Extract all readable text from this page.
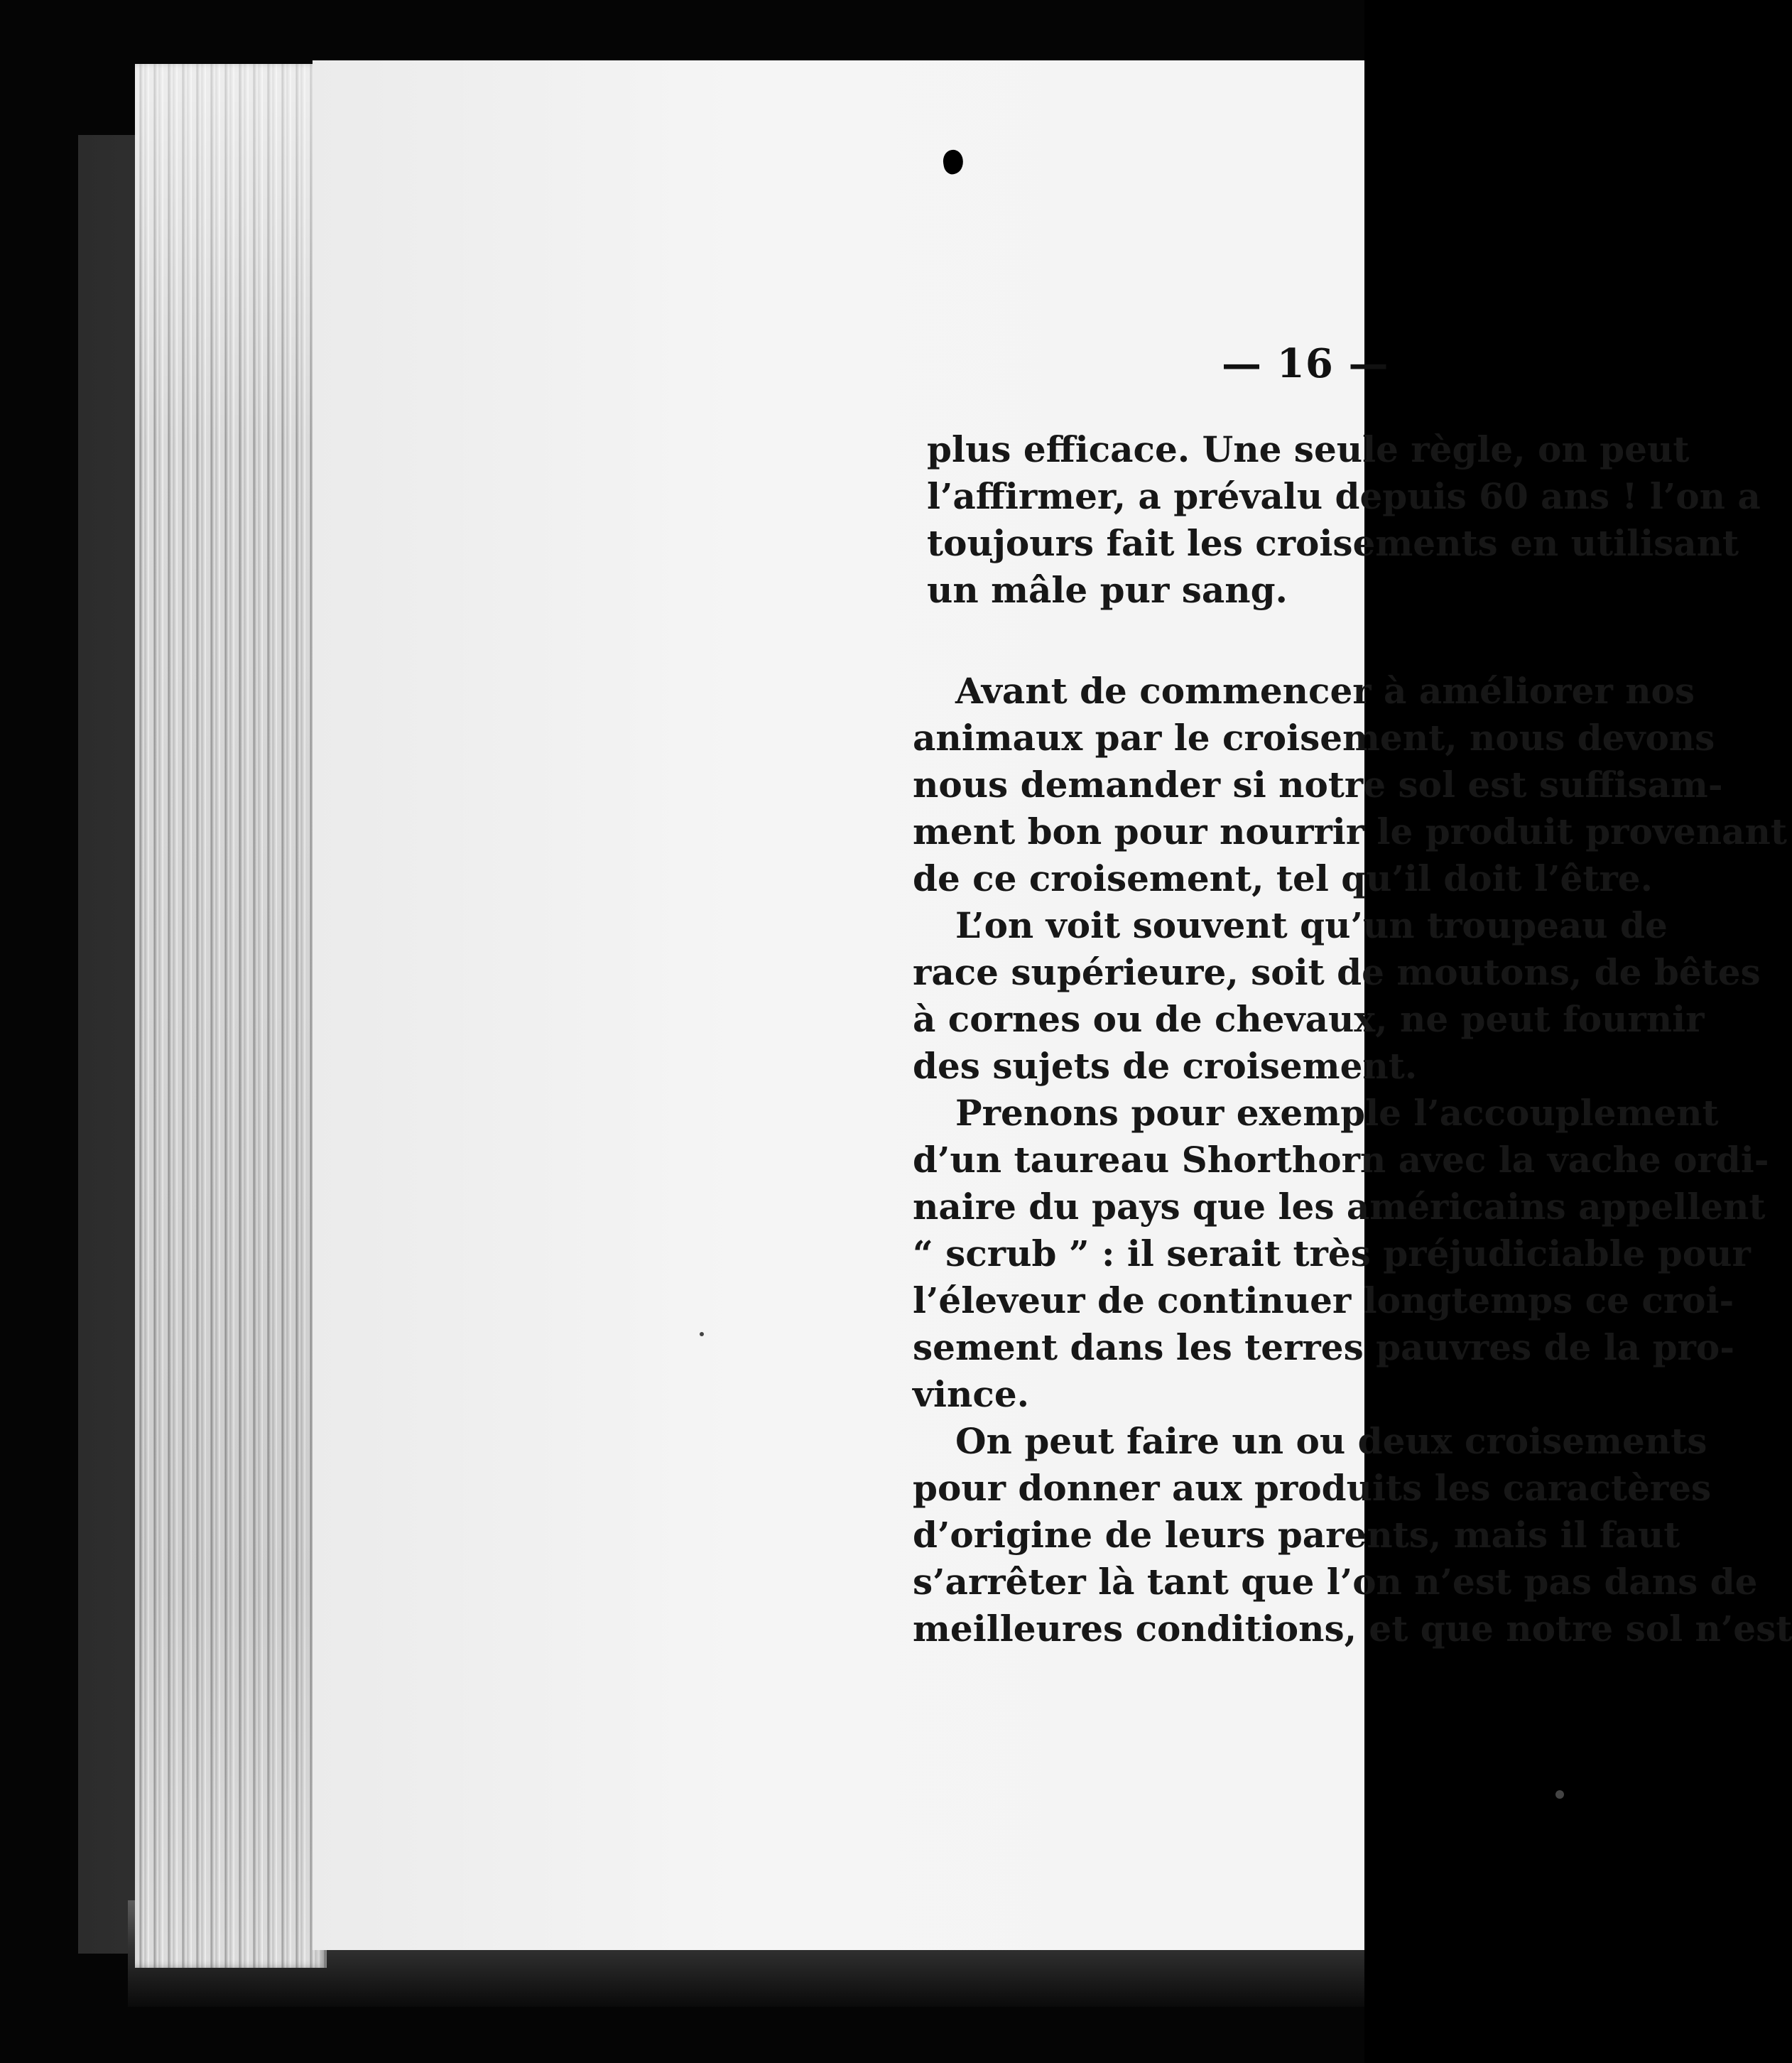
— 16 —
plus efficace. Une seule règle, on peut
l’affirmer, a prévalu depuis 60 ans ! l’on a
toujours fait les croisements en utilisant
un mâle pur sang.
Avant de commencer à améliorer nos
animaux par le croisement, nous devons
nous demander si notre sol est suffisam-
ment bon pour nourrir le produit provenant
de ce croisement, tel qu’il doit l’être.
L’on voit souvent qu’un troupeau de
race supérieure, soit de moutons, de bêtes
à cornes ou de chevaux, ne peut fournir
des sujets de croisement.
Prenons pour exemple l’accouplement
d’un taureau Shorthorn avec la vache ordi-
naire du pays que les américains appellent
“ scrub ” : il serait très préjudiciable pour
l’éleveur de continuer longtemps ce croi-
sement dans les terres pauvres de la pro-
vince.
On peut faire un ou deux croisements
pour donner aux produits les caractères
d’origine de leurs parents, mais il faut
s’arrêter là tant que l’on n’est pas dans de
meilleures conditions, et que notre sol n’est
